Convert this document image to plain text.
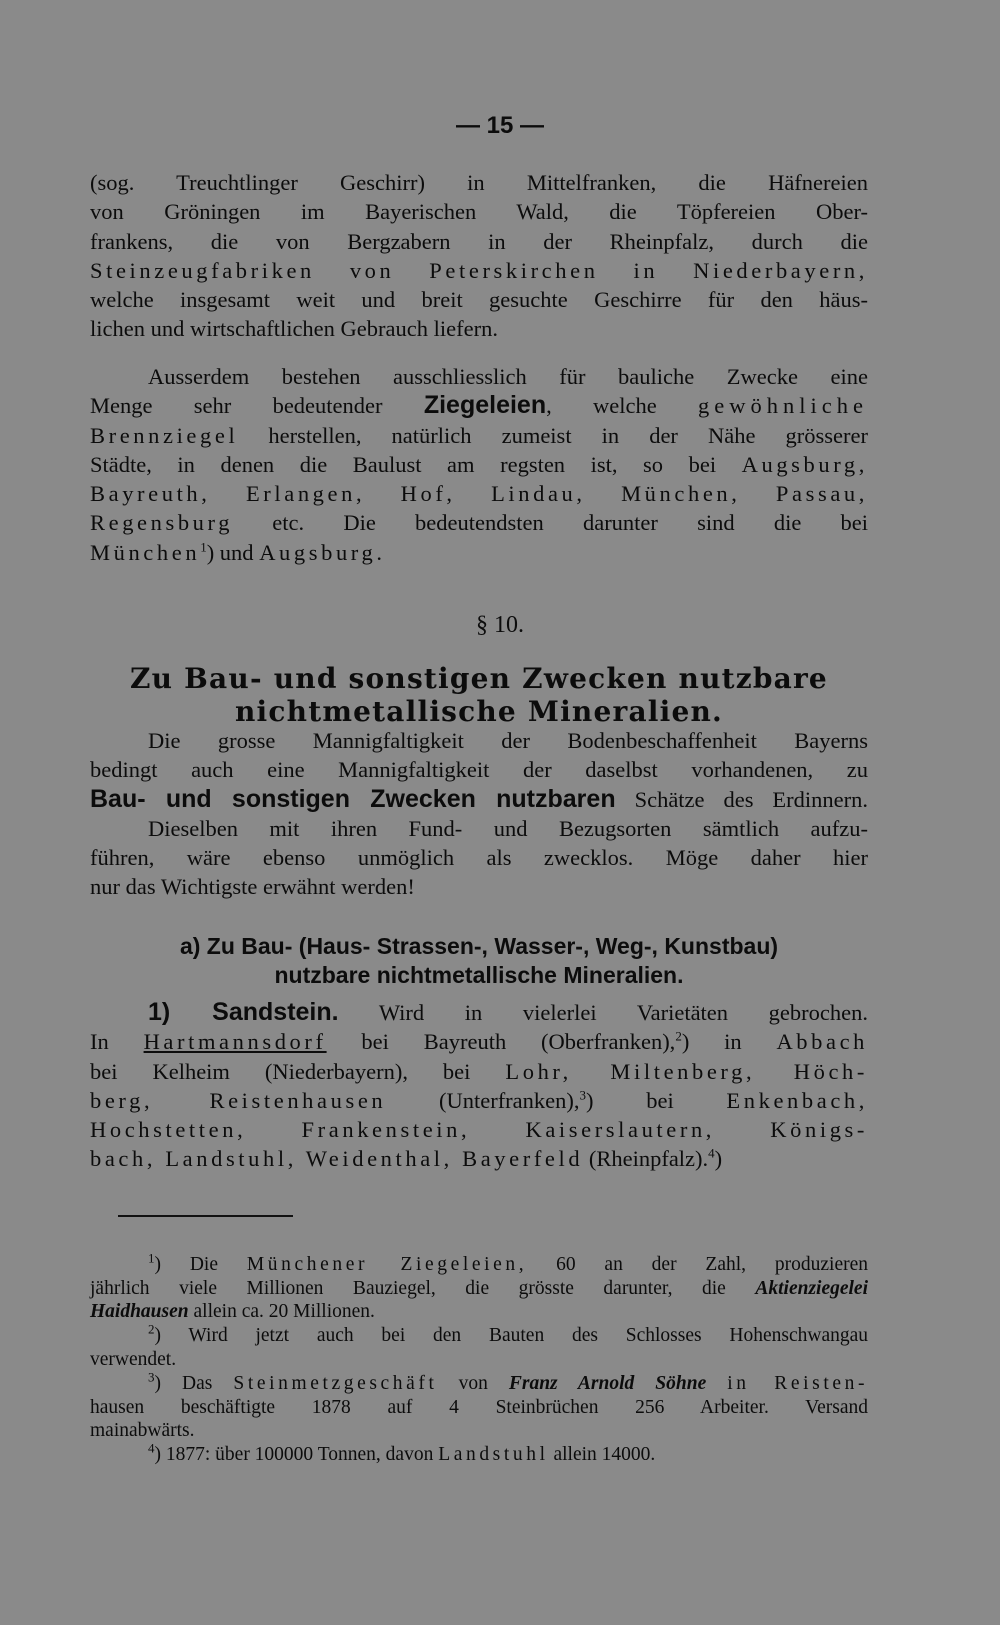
— 15 —

(sog. Treuchtlinger Geschirr) in Mittelfranken, die Häfnereien

von Gröningen im Bayerischen Wald, die Töpfereien Ober-

frankens, die von Bergzabern in der Rheinpfalz, durch die

Steinzeugfabriken von Peterskirchen in Niederbayern,

welche insgesamt weit und breit gesuchte Geschirre für den häus-

lichen und wirtschaftlichen Gebrauch liefern.

Ausserdem bestehen ausschliesslich für bauliche Zwecke eine

Menge sehr bedeutender Ziegeleien, welche gewöhnliche

Brennziegel herstellen, natürlich zumeist in der Nähe grösserer

Städte, in denen die Baulust am regsten ist, so bei Augsburg,

Bayreuth, Erlangen, Hof, Lindau, München, Passau,

Regensburg etc. Die bedeutendsten darunter sind die bei

München$^1$) und Augsburg.

§ 10.
Zu Bau- und sonstigen Zwecken nutzbare
nichtmetallische Mineralien.

Die grosse Mannigfaltigkeit der Bodenbeschaffenheit Bayerns

bedingt auch eine Mannigfaltigkeit der daselbst vorhandenen, zu

Bau- und sonstigen Zwecken nutzbaren Schätze des Erdinnern.

Dieselben mit ihren Fund- und Bezugsorten sämtlich aufzu-

führen, wäre ebenso unmöglich als zwecklos. Möge daher hier

nur das Wichtigste erwähnt werden!

a) Zu Bau- (Haus- Strassen-, Wasser-, Weg-, Kunstbau)
nutzbare nichtmetallische Mineralien.

1) Sandstein. Wird in vielerlei Varietäten gebrochen.

In Hartmannsdorf bei Bayreuth (Oberfranken),$^2$) in Abbach

bei Kelheim (Niederbayern), bei Lohr, Miltenberg, Höch-

berg, Reistenhausen (Unterfranken),$^3$) bei Enkenbach,

Hochstetten, Frankenstein, Kaiserslautern, Königs-

bach, Landstuhl, Weidenthal, Bayerfeld (Rheinpfalz).$^4$)

$^1$) Die Münchener Ziegeleien, 60 an der Zahl, produzieren

jährlich viele Millionen Bauziegel, die grösste darunter, die Aktienziegelei

Haidhausen allein ca. 20 Millionen.

$^2$) Wird jetzt auch bei den Bauten des Schlosses Hohenschwangau

verwendet.

$^3$) Das Steinmetzgeschäft von Franz Arnold Söhne in Reisten-

hausen beschäftigte 1878 auf 4 Steinbrüchen 256 Arbeiter. Versand

mainabwärts.

$^4$) 1877: über 100000 Tonnen, davon Landstuhl allein 14000.
